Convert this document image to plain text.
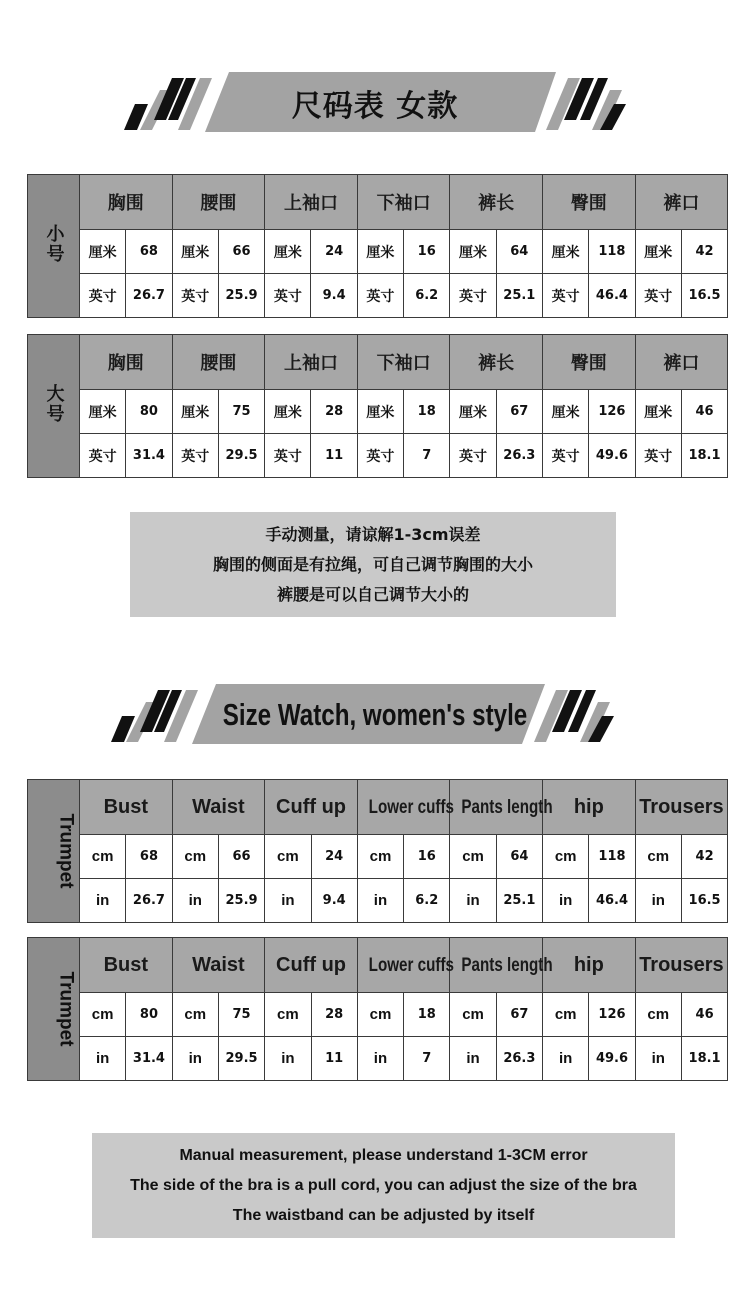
尺码表 女款
小号	胸围		腰围		上袖口		下袖口		裤长		臀围		裤口	
	厘米	68	厘米	66	厘米	24	厘米	16	厘米	64	厘米	118	厘米	42
	英寸	26.7	英寸	25.9	英寸	9.4	英寸	6.2	英寸	25.1	英寸	46.4	英寸	16.5
大号	胸围		腰围		上袖口		下袖口		裤长		臀围		裤口	
	厘米	80	厘米	75	厘米	28	厘米	18	厘米	67	厘米	126	厘米	46
	英寸	31.4	英寸	29.5	英寸	11	英寸	7	英寸	26.3	英寸	49.6	英寸	18.1
手动测量，请谅解1-3cm误差
胸围的侧面是有拉绳，可自己调节胸围的大小
裤腰是可以自己调节大小的
Size Watch, women's style
Trumpet	Bust		Waist		Cuff up		Lower cuffs		Pants length		hip		Trousers	
	cm	68	cm	66	cm	24	cm	16	cm	64	cm	118	cm	42
	in	26.7	in	25.9	in	9.4	in	6.2	in	25.1	in	46.4	in	16.5
Trumpet	Bust		Waist		Cuff up		Lower cuffs		Pants length		hip		Trousers	
	cm	80	cm	75	cm	28	cm	18	cm	67	cm	126	cm	46
	in	31.4	in	29.5	in	11	in	7	in	26.3	in	49.6	in	18.1
Manual measurement, please understand 1-3CM error
The side of the bra is a pull cord, you can adjust the size of the bra
The waistband can be adjusted by itself
